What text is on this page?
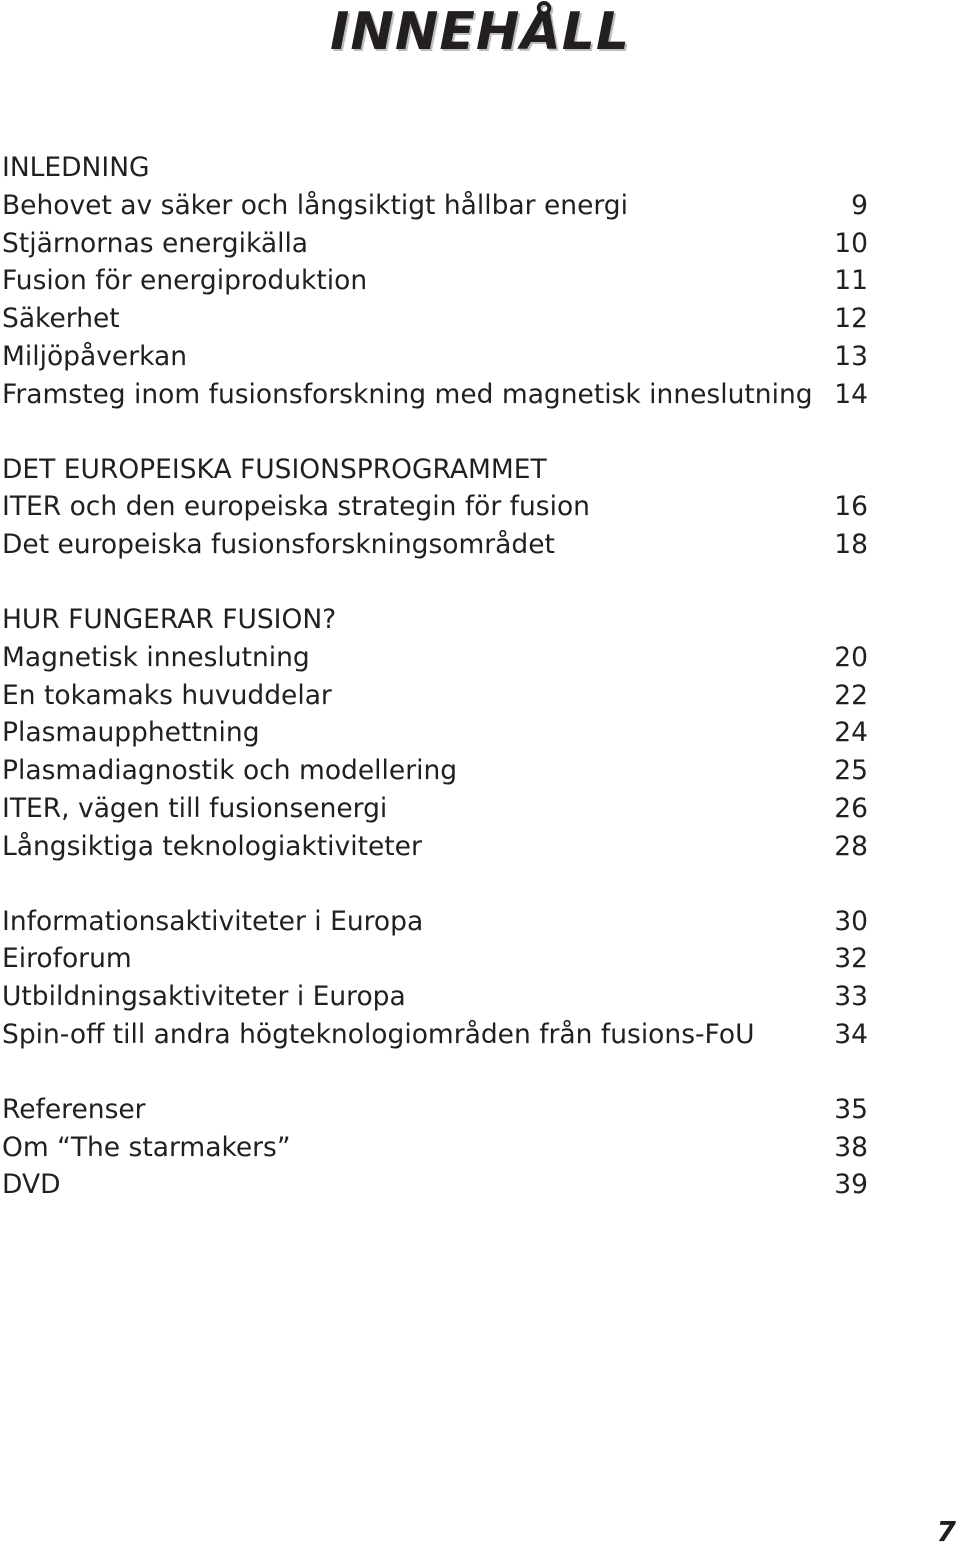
INNEHÅLL
INLEDNING
Behovet av säker och långsiktigt hållbar energi	9
Stjärnornas energikälla	10
Fusion för energiproduktion	11
Säkerhet	12
Miljöpåverkan	13
Framsteg inom fusionsforskning med magnetisk inneslutning 14
DET EUROPEISKA FUSIONSPROGRAMMET
ITER och den europeiska strategin för fusion	16
Det europeiska fusionsforskningsområdet	18
HUR FUNGERAR FUSION?
Magnetisk inneslutning	20
En tokamaks huvuddelar	22
Plasmaupphettning	24
Plasmadiagnostik och modellering	25
ITER, vägen till fusionsenergi	26
Långsiktiga teknologiaktiviteter	28
Informationsaktiviteter i Europa	30
Eiroforum	32
Utbildningsaktiviteter i Europa	33
Spin-off till andra högteknologiområden från fusions-FoU	34
Referenser	35
Om “The starmakers”	38
DVD	39
7
